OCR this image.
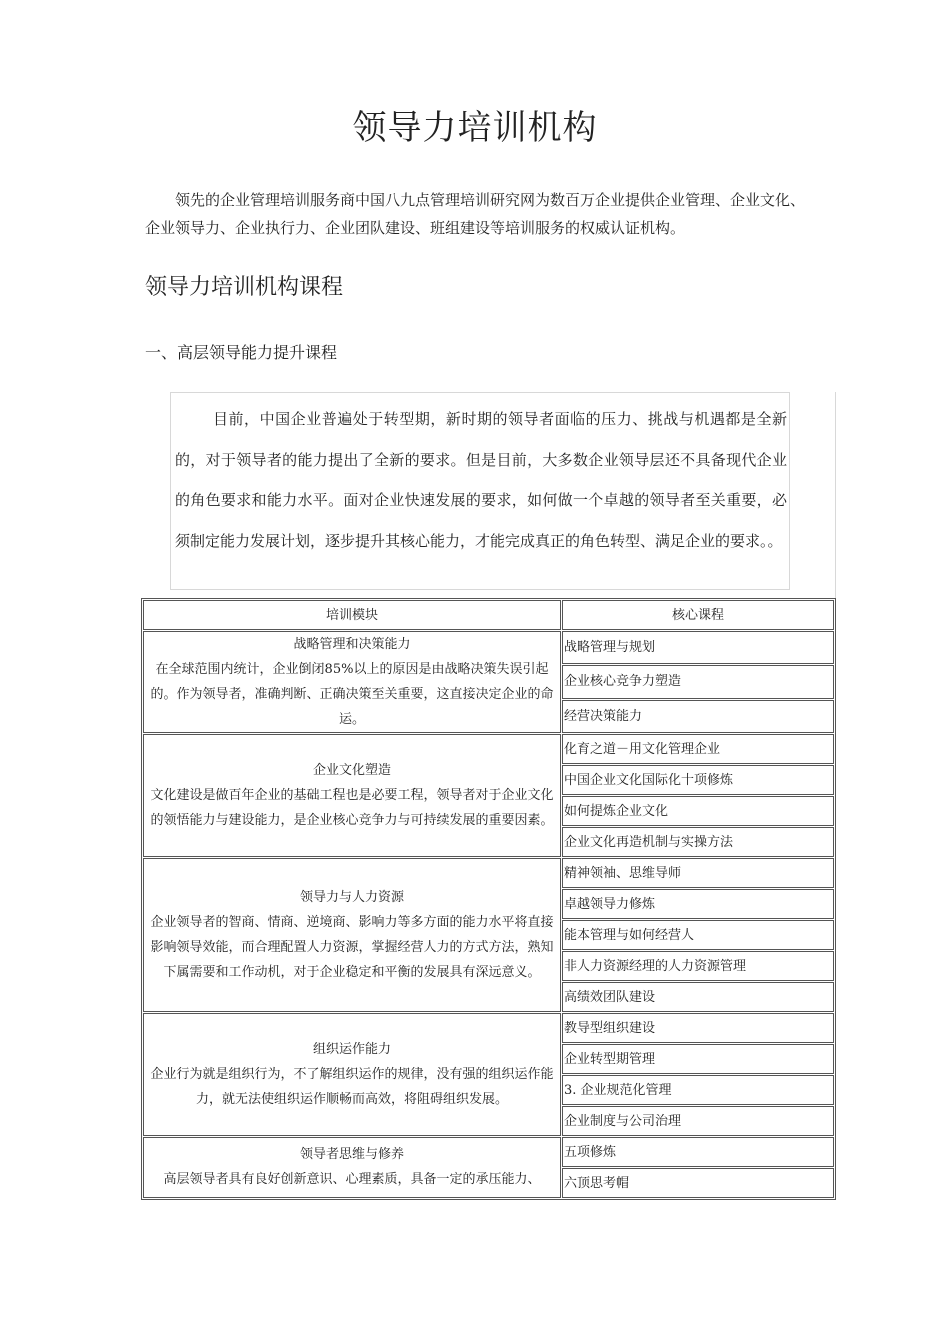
领导力培训机构

领先的企业管理培训服务商中国八九点管理培训研究网为数百万企业提供企业管理、企业文化、企业领导力、企业执行力、企业团队建设、班组建设等培训服务的权威认证机构。

领导力培训机构课程
一、高层领导能力提升课程

目前，中国企业普遍处于转型期，新时期的领导者面临的压力、挑战与机遇都是全新的，对于领导者的能力提出了全新的要求。但是目前，大多数企业领导层还不具备现代企业的角色要求和能力水平。面对企业快速发展的要求，如何做一个卓越的领导者至关重要，必须制定能力发展计划，逐步提升其核心能力，才能完成真正的角色转型、满足企业的要求。。

培训模块	核心课程

战略管理和决策能力
在全球范围内统计，企业倒闭85%以上的原因是由战略决策失误引起的。作为领导者，准确判断、正确决策至关重要，这直接决定企业的命运。	战略管理与规划
	企业核心竞争力塑造
	经营决策能力

企业文化塑造
文化建设是做百年企业的基础工程也是必要工程，领导者对于企业文化的领悟能力与建设能力，是企业核心竞争力与可持续发展的重要因素。	化育之道－用文化管理企业
	中国企业文化国际化十项修炼
	如何提炼企业文化
	企业文化再造机制与实操方法

领导力与人力资源
企业领导者的智商、情商、逆境商、影响力等多方面的能力水平将直接影响领导效能，而合理配置人力资源，掌握经营人力的方式方法，熟知下属需要和工作动机，对于企业稳定和平衡的发展具有深远意义。	精神领袖、思维导师
	卓越领导力修炼
	能本管理与如何经营人
	非人力资源经理的人力资源管理
	高绩效团队建设

组织运作能力
企业行为就是组织行为，不了解组织运作的规律，没有强的组织运作能力，就无法使组织运作顺畅而高效，将阻碍组织发展。	教导型组织建设
	企业转型期管理
	3. 企业规范化管理
	企业制度与公司治理

领导者思维与修养
高层领导者具有良好创新意识、心理素质，具备一定的承压能力、	五项修炼
	六顶思考帽
